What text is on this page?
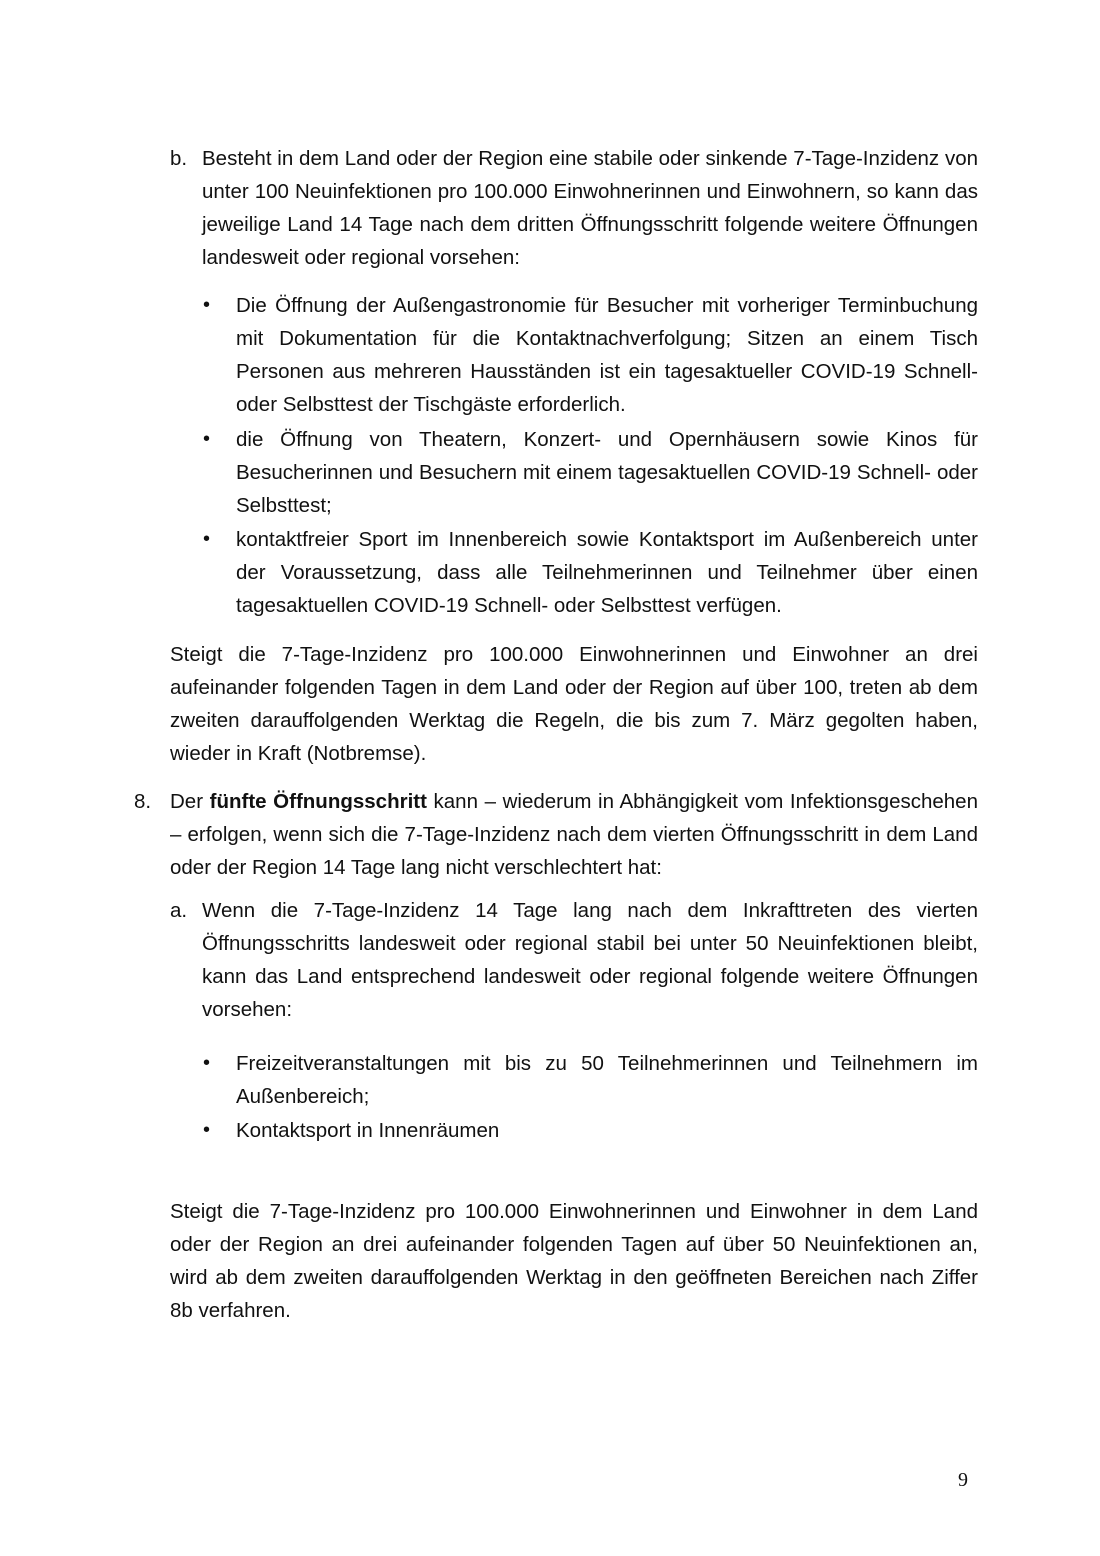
b. Besteht in dem Land oder der Region eine stabile oder sinkende 7-Tage-Inzidenz von unter 100 Neuinfektionen pro 100.000 Einwohnerinnen und Einwohnern, so kann das jeweilige Land 14 Tage nach dem dritten Öffnungsschritt folgende weitere Öffnungen landesweit oder regional vorsehen:

• Die Öffnung der Außengastronomie für Besucher mit vorheriger Terminbuchung mit Dokumentation für die Kontaktnachverfolgung; Sitzen an einem Tisch Personen aus mehreren Hausständen ist ein tagesaktueller COVID-19 Schnell- oder Selbsttest der Tischgäste erforderlich.
• die Öffnung von Theatern, Konzert- und Opernhäusern sowie Kinos für Besucherinnen und Besuchern mit einem tagesaktuellen COVID-19 Schnell- oder Selbsttest;
• kontaktfreier Sport im Innenbereich sowie Kontaktsport im Außenbereich unter der Voraussetzung, dass alle Teilnehmerinnen und Teilnehmer über einen tagesaktuellen COVID-19 Schnell- oder Selbsttest verfügen.

Steigt die 7-Tage-Inzidenz pro 100.000 Einwohnerinnen und Einwohner an drei aufeinander folgenden Tagen in dem Land oder der Region auf über 100, treten ab dem zweiten darauffolgenden Werktag die Regeln, die bis zum 7. März gegolten haben, wieder in Kraft (Notbremse).

8. Der fünfte Öffnungsschritt kann – wiederum in Abhängigkeit vom Infektionsgeschehen – erfolgen, wenn sich die 7-Tage-Inzidenz nach dem vierten Öffnungsschritt in dem Land oder der Region 14 Tage lang nicht verschlechtert hat:

a. Wenn die 7-Tage-Inzidenz 14 Tage lang nach dem Inkrafttreten des vierten Öffnungsschritts landesweit oder regional stabil bei unter 50 Neuinfektionen bleibt, kann das Land entsprechend landesweit oder regional folgende weitere Öffnungen vorsehen:

• Freizeitveranstaltungen mit bis zu 50 Teilnehmerinnen und Teilnehmern im Außenbereich;
• Kontaktsport in Innenräumen

Steigt die 7-Tage-Inzidenz pro 100.000 Einwohnerinnen und Einwohner in dem Land oder der Region an drei aufeinander folgenden Tagen auf über 50 Neuinfektionen an, wird ab dem zweiten darauffolgenden Werktag in den geöffneten Bereichen nach Ziffer 8b verfahren.

9
